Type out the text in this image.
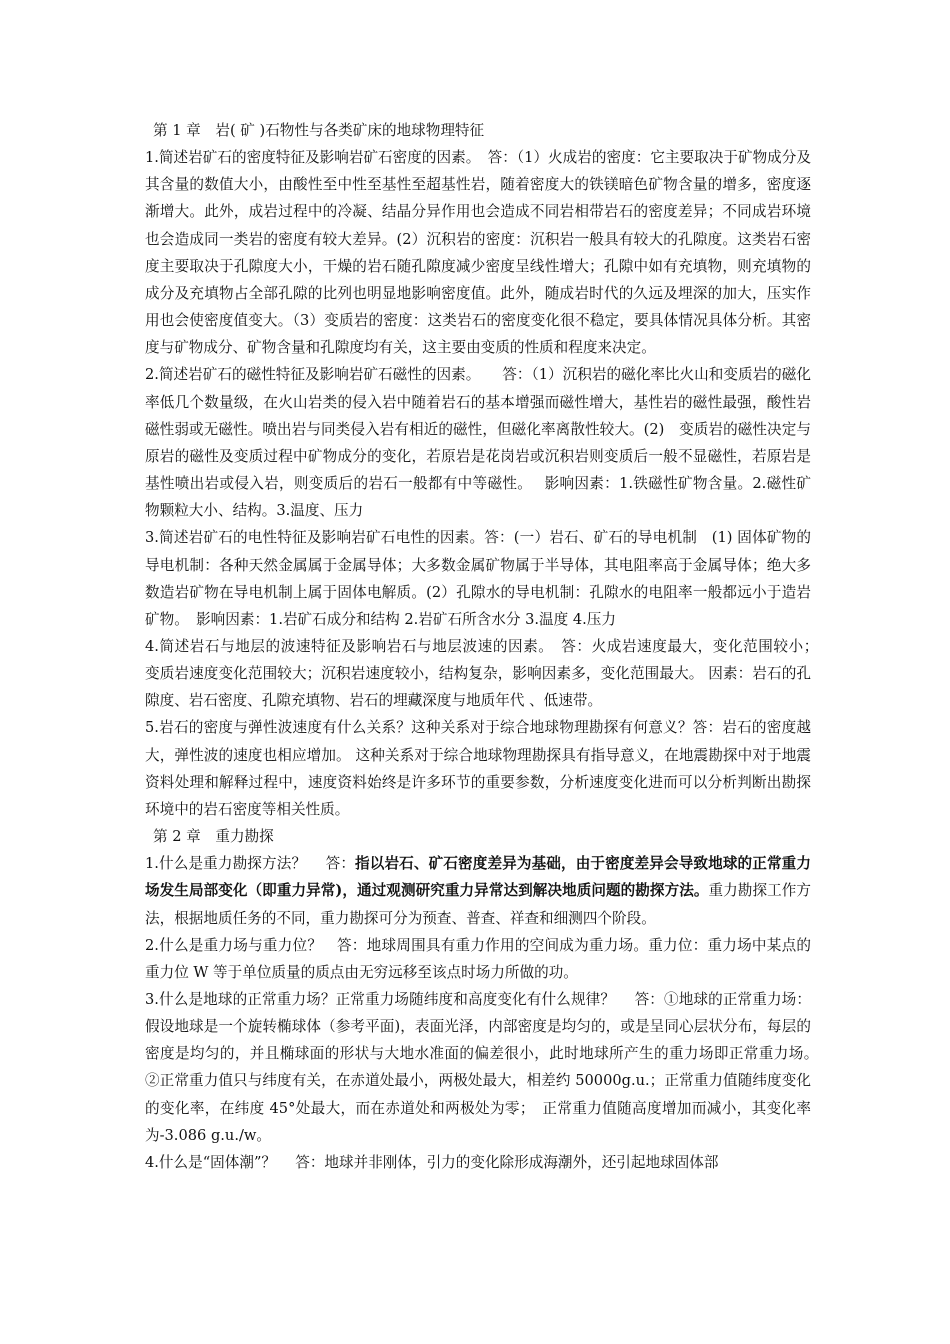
第 1 章　岩( 矿 )石物性与各类矿床的地球物理特征

1.简述岩矿石的密度特征及影响岩矿石密度的因素。　答：（1）火成岩的密度：它主要取决于矿物成分及其含量的数值大小，由酸性至中性至基性至超基性岩，随着密度大的铁镁暗色矿物含量的增多，密度逐渐增大。此外，成岩过程中的冷凝、结晶分异作用也会造成不同岩相带岩石的密度差异；不同成岩环境也会造成同一类岩的密度有较大差异。(2）沉积岩的密度：沉积岩一般具有较大的孔隙度。这类岩石密度主要取决于孔隙度大小，干燥的岩石随孔隙度减少密度呈线性增大；孔隙中如有充填物，则充填物的成分及充填物占全部孔隙的比列也明显地影响密度值。此外，随成岩时代的久远及埋深的加大，压实作用也会使密度值变大。（3）变质岩的密度：这类岩石的密度变化很不稳定，要具体情况具体分析。其密度与矿物成分、矿物含量和孔隙度均有关，这主要由变质的性质和程度来决定。

2.简述岩矿石的磁性特征及影响岩矿石磁性的因素。　　答：（1）沉积岩的磁化率比火山和变质岩的磁化率低几个数量级，在火山岩类的侵入岩中随着岩石的基本增强而磁性增大，基性岩的磁性最强，酸性岩磁性弱或无磁性。喷出岩与同类侵入岩有相近的磁性，但磁化率离散性较大。(2)　变质岩的磁性决定与原岩的磁性及变质过程中矿物成分的变化，若原岩是花岗岩或沉积岩则变质后一般不显磁性，若原岩是基性喷出岩或侵入岩，则变质后的岩石一般都有中等磁性。　 影响因素：1.铁磁性矿物含量。2.磁性矿物颗粒大小、结构。3.温度、压力

3.简述岩矿石的电性特征及影响岩矿石电性的因素。答：(一）岩石、矿石的导电机制　(1) 固体矿物的导电机制：各种天然金属属于金属导体；大多数金属矿物属于半导体，其电阻率高于金属导体；绝大多数造岩矿物在导电机制上属于固体电解质。(2）孔隙水的导电机制：孔隙水的电阻率一般都远小于造岩矿物。　影响因素：1.岩矿石成分和结构 2.岩矿石所含水分 3.温度 4.压力

4.简述岩石与地层的波速特征及影响岩石与地层波速的因素。　答：火成岩速度最大，变化范围较小；　 变质岩速度变化范围较大；沉积岩速度较小，结构复杂，影响因素多，变化范围最大。 因素：岩石的孔隙度、岩石密度、孔隙充填物、岩石的埋藏深度与地质年代 、低速带。

5.岩石的密度与弹性波速度有什么关系？这种关系对于综合地球物理勘探有何意义？答：岩石的密度越大，弹性波的速度也相应增加。 这种关系对于综合地球物理勘探具有指导意义，在地震勘探中对于地震资料处理和解释过程中，速度资料始终是许多环节的重要参数，分析速度变化进而可以分析判断出勘探环境中的岩石密度等相关性质。

第 2 章　重力勘探

1.什么是重力勘探方法？　 答：指以岩石、矿石密度差异为基础，由于密度差异会导致地球的正常重力场发生局部变化（即重力异常)，通过观测研究重力异常达到解决地质问题的勘探方法。重力勘探工作方法，根据地质任务的不同，重力勘探可分为预查、普查、祥查和细测四个阶段。

2.什么是重力场与重力位？　答：地球周围具有重力作用的空间成为重力场。重力位：重力场中某点的重力位 W 等于单位质量的质点由无穷远移至该点时场力所做的功。

3.什么是地球的正常重力场？正常重力场随纬度和高度变化有什么规律？　 答：①地球的正常重力场：假设地球是一个旋转椭球体（参考平面)，表面光泽，内部密度是均匀的，或是呈同心层状分布，每层的密度是均匀的，并且椭球面的形状与大地水准面的偏差很小，此时地球所产生的重力场即正常重力场。　②正常重力值只与纬度有关，在赤道处最小，两极处最大，相差约 50000g.u.；正常重力值随纬度变化的变化率，在纬度 45°处最大，而在赤道处和两极处为零；　正常重力值随高度增加而减小，其变化率为-3.086 g.u./w。

4.什么是“固体潮”？　 答：地球并非刚体，引力的变化除形成海潮外，还引起地球固体部
